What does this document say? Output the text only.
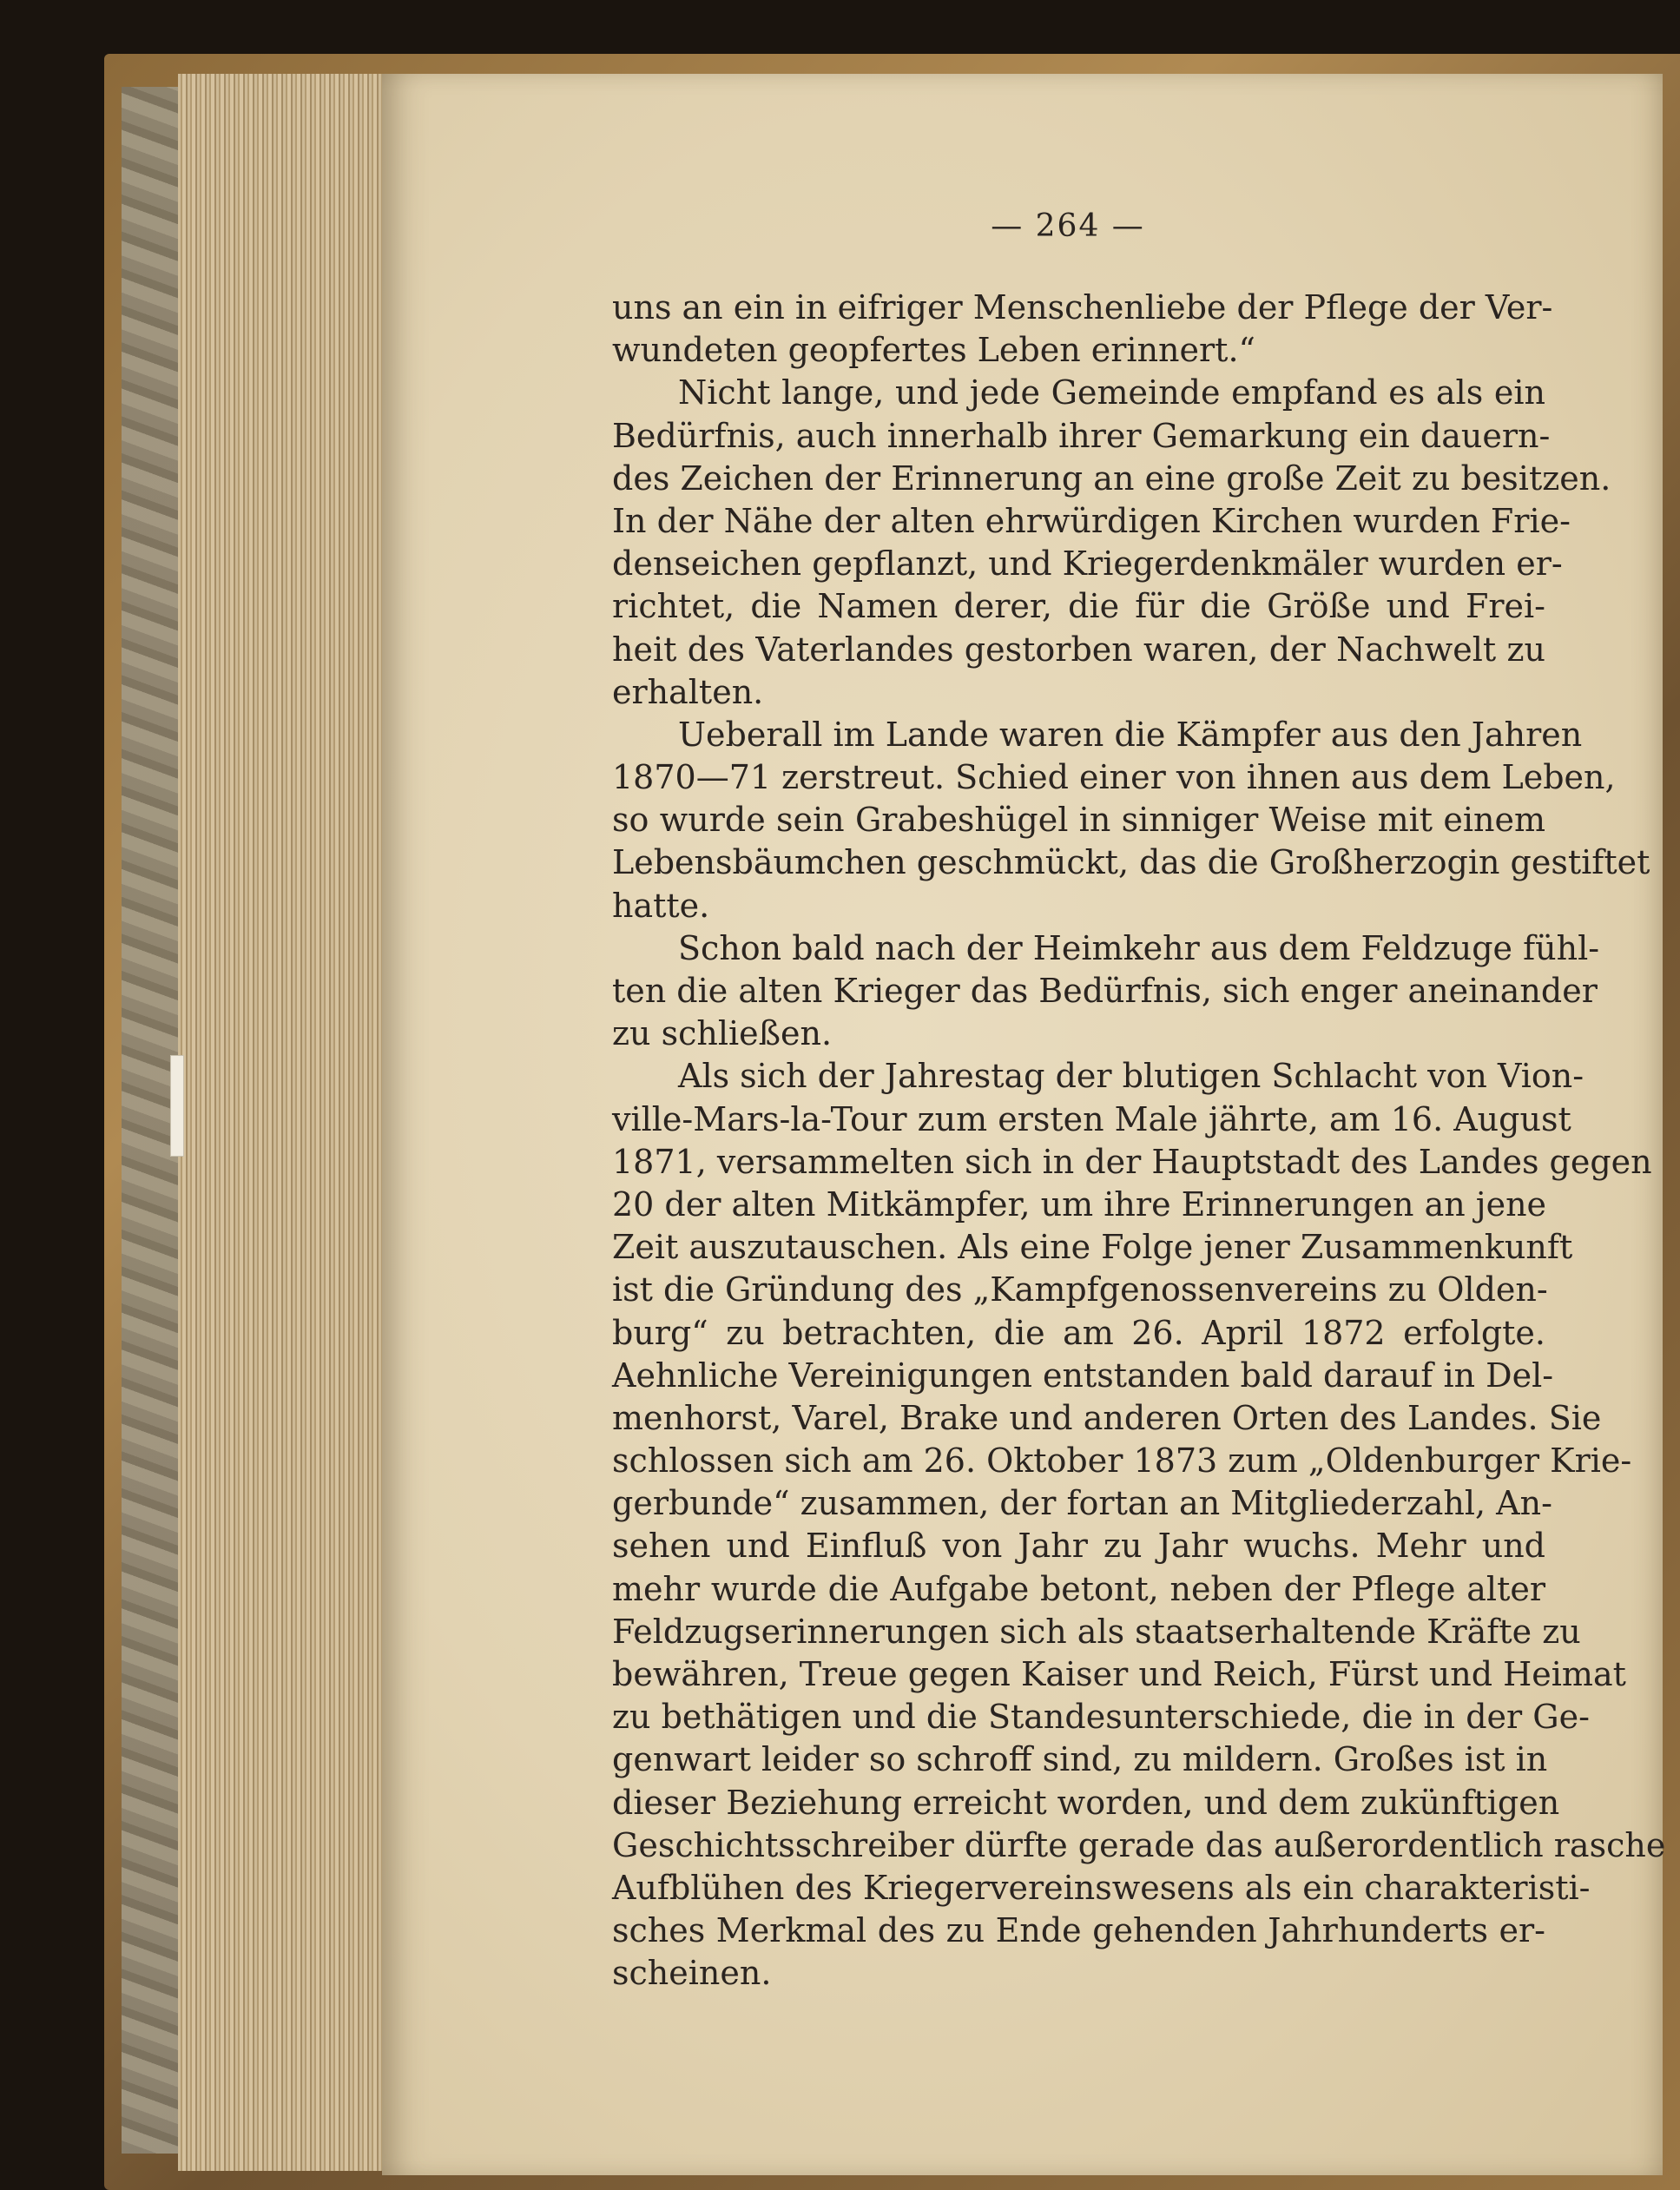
— 264 —
uns an ein in eifriger Menschenliebe der Pflege der Ver-
wundeten geopfertes Leben erinnert.“
Nicht lange, und jede Gemeinde empfand es als ein
Bedürfnis, auch innerhalb ihrer Gemarkung ein dauern-
des Zeichen der Erinnerung an eine große Zeit zu besitzen.
In der Nähe der alten ehrwürdigen Kirchen wurden Frie-
denseichen gepflanzt, und Kriegerdenkmäler wurden er-
richtet, die Namen derer, die für die Größe und Frei-
heit des Vaterlandes gestorben waren, der Nachwelt zu
erhalten.
Ueberall im Lande waren die Kämpfer aus den Jahren
1870—71 zerstreut. Schied einer von ihnen aus dem Leben,
so wurde sein Grabeshügel in sinniger Weise mit einem
Lebensbäumchen geschmückt, das die Großherzogin gestiftet
hatte.
Schon bald nach der Heimkehr aus dem Feldzuge fühl-
ten die alten Krieger das Bedürfnis, sich enger aneinander
zu schließen.
Als sich der Jahrestag der blutigen Schlacht von Vion-
ville-Mars-la-Tour zum ersten Male jährte, am 16. August
1871, versammelten sich in der Hauptstadt des Landes gegen
20 der alten Mitkämpfer, um ihre Erinnerungen an jene
Zeit auszutauschen. Als eine Folge jener Zusammenkunft
ist die Gründung des „Kampfgenossenvereins zu Olden-
burg“ zu betrachten, die am 26. April 1872 erfolgte.
Aehnliche Vereinigungen entstanden bald darauf in Del-
menhorst, Varel, Brake und anderen Orten des Landes. Sie
schlossen sich am 26. Oktober 1873 zum „Oldenburger Krie-
gerbunde“ zusammen, der fortan an Mitgliederzahl, An-
sehen und Einfluß von Jahr zu Jahr wuchs. Mehr und
mehr wurde die Aufgabe betont, neben der Pflege alter
Feldzugserinnerungen sich als staatserhaltende Kräfte zu
bewähren, Treue gegen Kaiser und Reich, Fürst und Heimat
zu bethätigen und die Standesunterschiede, die in der Ge-
genwart leider so schroff sind, zu mildern. Großes ist in
dieser Beziehung erreicht worden, und dem zukünftigen
Geschichtsschreiber dürfte gerade das außerordentlich rasche
Aufblühen des Kriegervereinswesens als ein charakteristi-
sches Merkmal des zu Ende gehenden Jahrhunderts er-
scheinen.
